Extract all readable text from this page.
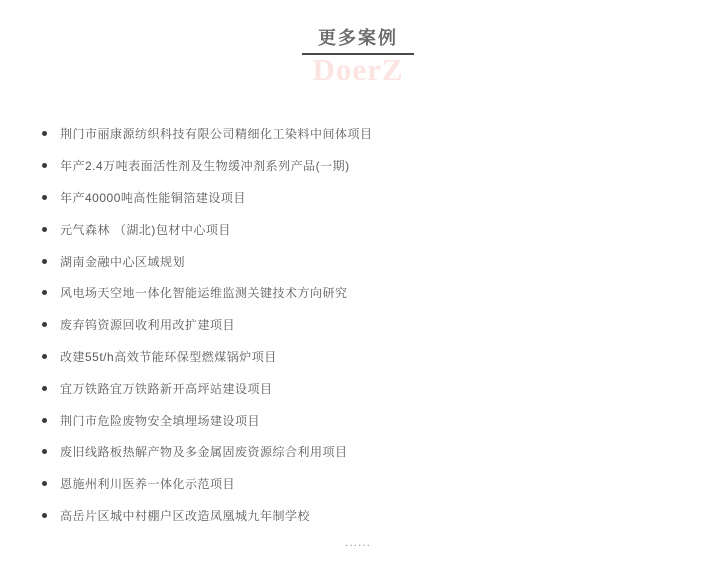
更多案例
DoerZ
荆门市丽康源纺织科技有限公司精细化工染料中间体项目
年产2.4万吨表面活性剂及生物缓冲剂系列产品(一期)
年产40000吨高性能铜箔建设项目
元气森林 （湖北)包材中心项目
湖南金融中心区域规划
风电场天空地一体化智能运维监测关键技术方向研究
废弃钨资源回收利用改扩建项目
改建55t/h高效节能环保型燃煤锅炉项目
宜万铁路宜万铁路新开高坪站建设项目
荆门市危险废物安全填埋场建设项目
废旧线路板热解产物及多金属固废资源综合利用项目
恩施州利川医养一体化示范项目
高岳片区城中村棚户区改造凤凰城九年制学校
......
